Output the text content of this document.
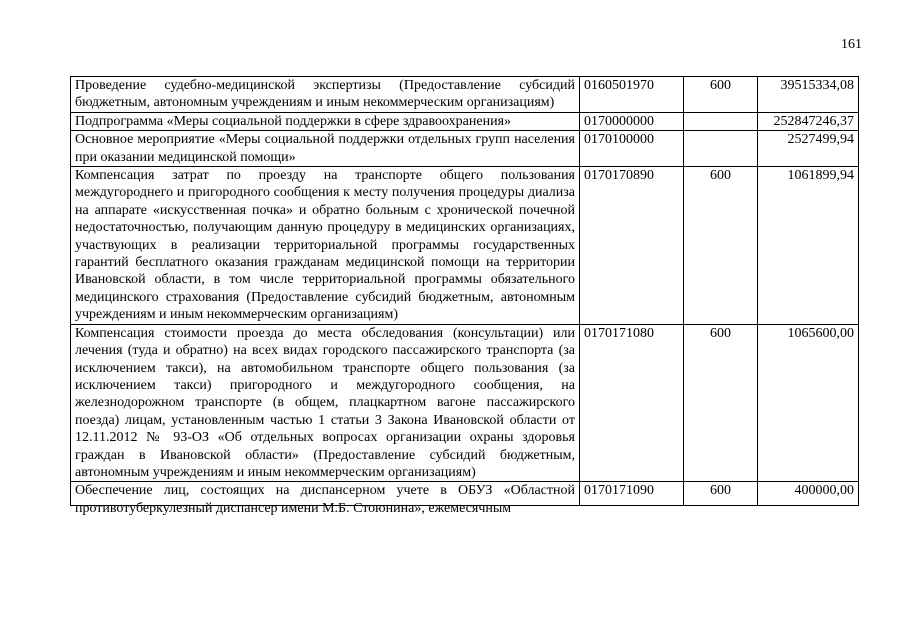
161
Проведение судебно-медицинской экспертизы (Предоставление субсидий бюджетным, автономным учреждениям и иным некоммерческим организациям)	0160501970	600	39515334,08
Подпрограмма «Меры социальной поддержки в сфере здравоохранения»	0170000000		252847246,37
Основное мероприятие «Меры социальной поддержки отдельных групп населения при оказании медицинской помощи»	0170100000		2527499,94
Компенсация затрат по проезду на транспорте общего пользования междугороднего и пригородного сообщения к месту получения процедуры диализа на аппарате «искусственная почка» и обратно больным с хронической почечной недостаточностью, получающим данную процедуру в медицинских организациях, участвующих в реализации территориальной программы государственных гарантий бесплатного оказания гражданам медицинской помощи на территории Ивановской области, в том числе территориальной программы обязательного медицинского страхования (Предоставление субсидий бюджетным, автономным учреждениям и иным некоммерческим организациям)	0170170890	600	1061899,94
Компенсация стоимости проезда до места обследования (консультации) или лечения (туда и обратно) на всех видах городского пассажирского транспорта (за исключением такси), на автомобильном транспорте общего пользования (за исключением такси) пригородного и междугородного сообщения, на железнодорожном транспорте (в общем, плацкартном вагоне пассажирского поезда) лицам, установленным частью 1 статьи 3 Закона Ивановской области от 12.11.2012 № 93-ОЗ «Об отдельных вопросах организации охраны здоровья граждан в Ивановской области» (Предоставление субсидий бюджетным, автономным учреждениям и иным некоммерческим организациям)	0170171080	600	1065600,00

Обеспечение лиц, состоящих на диспансерном учете в ОБУЗ «Областной противотуберкулезный диспансер имени М.Б. Стоюнина», ежемесячным	0170171090	600	400000,00
